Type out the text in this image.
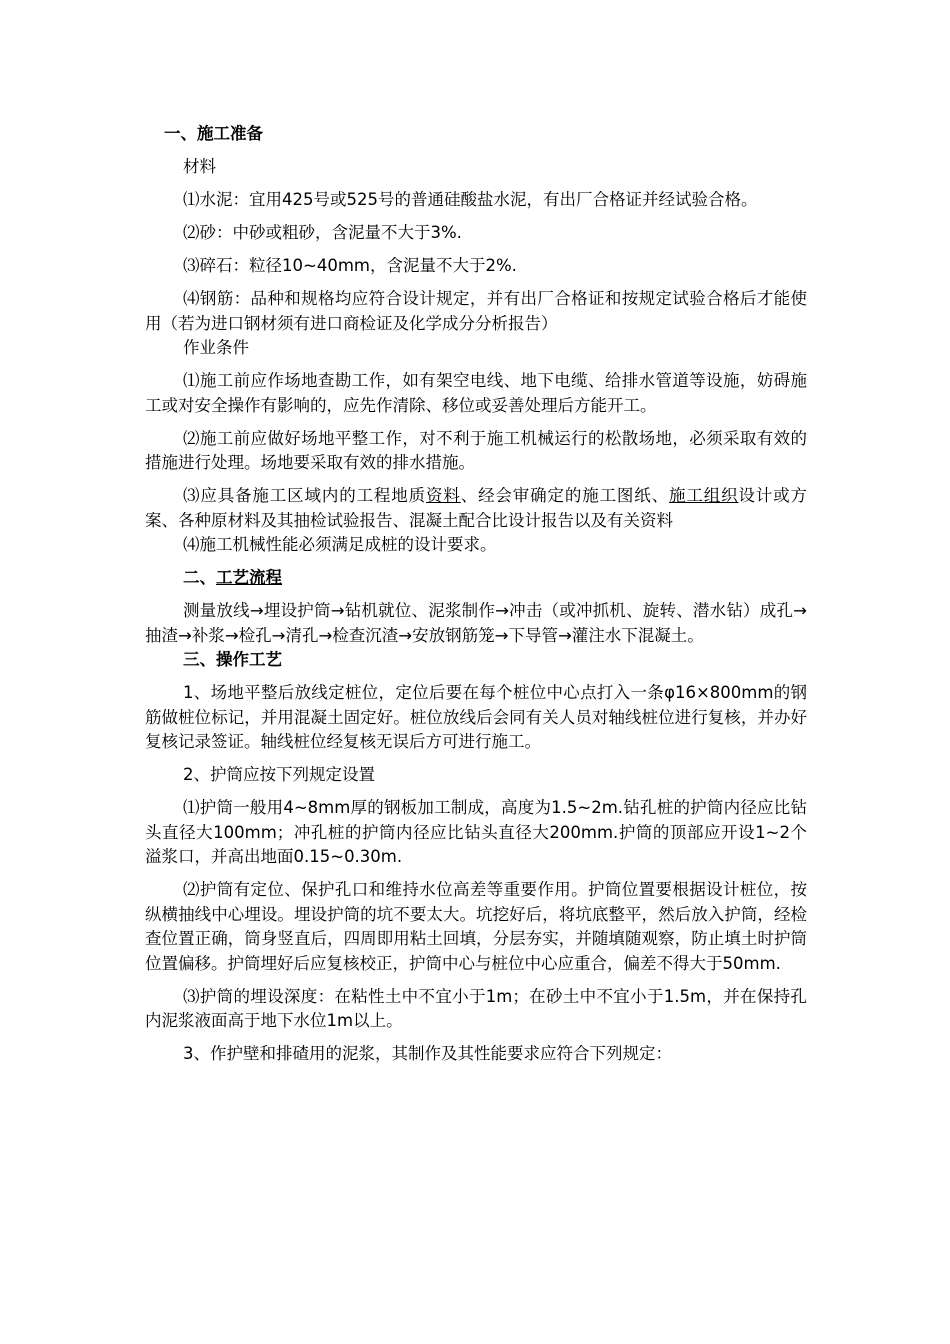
一、施工准备

材料

⑴水泥：宜用425号或525号的普通硅酸盐水泥，有出厂合格证并经试验合格。

⑵砂：中砂或粗砂，含泥量不大于3%.

⑶碎石：粒径10~40mm，含泥量不大于2%.

⑷钢筋：品种和规格均应符合设计规定，并有出厂合格证和按规定试验合格后才能使用（若为进口钢材须有进口商检证及化学成分分析报告）

作业条件

⑴施工前应作场地查勘工作，如有架空电线、地下电缆、给排水管道等设施，妨碍施工或对安全操作有影响的，应先作清除、移位或妥善处理后方能开工。

⑵施工前应做好场地平整工作，对不利于施工机械运行的松散场地，必须采取有效的措施进行处理。场地要采取有效的排水措施。

⑶应具备施工区域内的工程地质资料、经会审确定的施工图纸、施工组织设计或方案、各种原材料及其抽检试验报告、混凝土配合比设计报告以及有关资料

⑷施工机械性能必须满足成桩的设计要求。

二、工艺流程

测量放线→埋设护筒→钻机就位、泥浆制作→冲击（或冲抓机、旋转、潜水钻）成孔→抽渣→补浆→检孔→清孔→检查沉渣→安放钢筋笼→下导管→灌注水下混凝土。

三、操作工艺

1、场地平整后放线定桩位，定位后要在每个桩位中心点打入一条φ16×800mm的钢筋做桩位标记，并用混凝土固定好。桩位放线后会同有关人员对轴线桩位进行复核，并办好复核记录签证。轴线桩位经复核无误后方可进行施工。

2、护筒应按下列规定设置

⑴护筒一般用4~8mm厚的钢板加工制成，高度为1.5~2m.钻孔桩的护筒内径应比钻头直径大100mm；冲孔桩的护筒内径应比钻头直径大200mm.护筒的顶部应开设1~2个溢浆口，并高出地面0.15~0.30m.

⑵护筒有定位、保护孔口和维持水位高差等重要作用。护筒位置要根据设计桩位，按纵横抽线中心埋设。埋设护筒的坑不要太大。坑挖好后，将坑底整平，然后放入护筒，经检查位置正确，筒身竖直后，四周即用粘土回填，分层夯实，并随填随观察，防止填土时护筒位置偏移。护筒埋好后应复核校正，护筒中心与桩位中心应重合，偏差不得大于50mm.

⑶护筒的埋设深度：在粘性土中不宜小于1m；在砂土中不宜小于1.5m，并在保持孔内泥浆液面高于地下水位1m以上。

3、作护壁和排碴用的泥浆，其制作及其性能要求应符合下列规定：
